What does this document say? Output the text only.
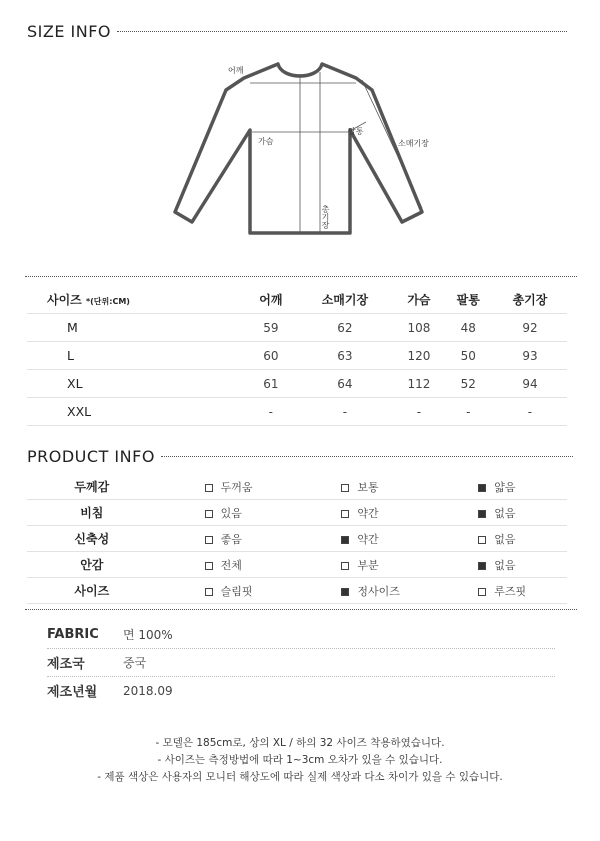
SIZE INFO
어깨
가슴
팔통
소매기장
총기장
사이즈 *(단위:CM)	어깨	소매기장	가슴	팔통	총기장
M	59	62	108	48	92
L	60	63	120	50	93
XL	61	64	112	52	94
XXL	-	-	-	-	-
PRODUCT INFO
두께감	두꺼움	보통	얇음
비침	있음	약간	없음
신축성	좋음	약간	없음
안감	전체	부분	없음
사이즈	슬림핏	정사이즈	루즈핏
FABRIC	면 100%
제조국	중국
제조년월	2018.09
- 모델은 185cm로, 상의 XL / 하의 32 사이즈 착용하였습니다.
- 사이즈는 측정방법에 따라 1~3cm 오차가 있을 수 있습니다.
- 제품 색상은 사용자의 모니터 해상도에 따라 실제 색상과 다소 차이가 있을 수 있습니다.
